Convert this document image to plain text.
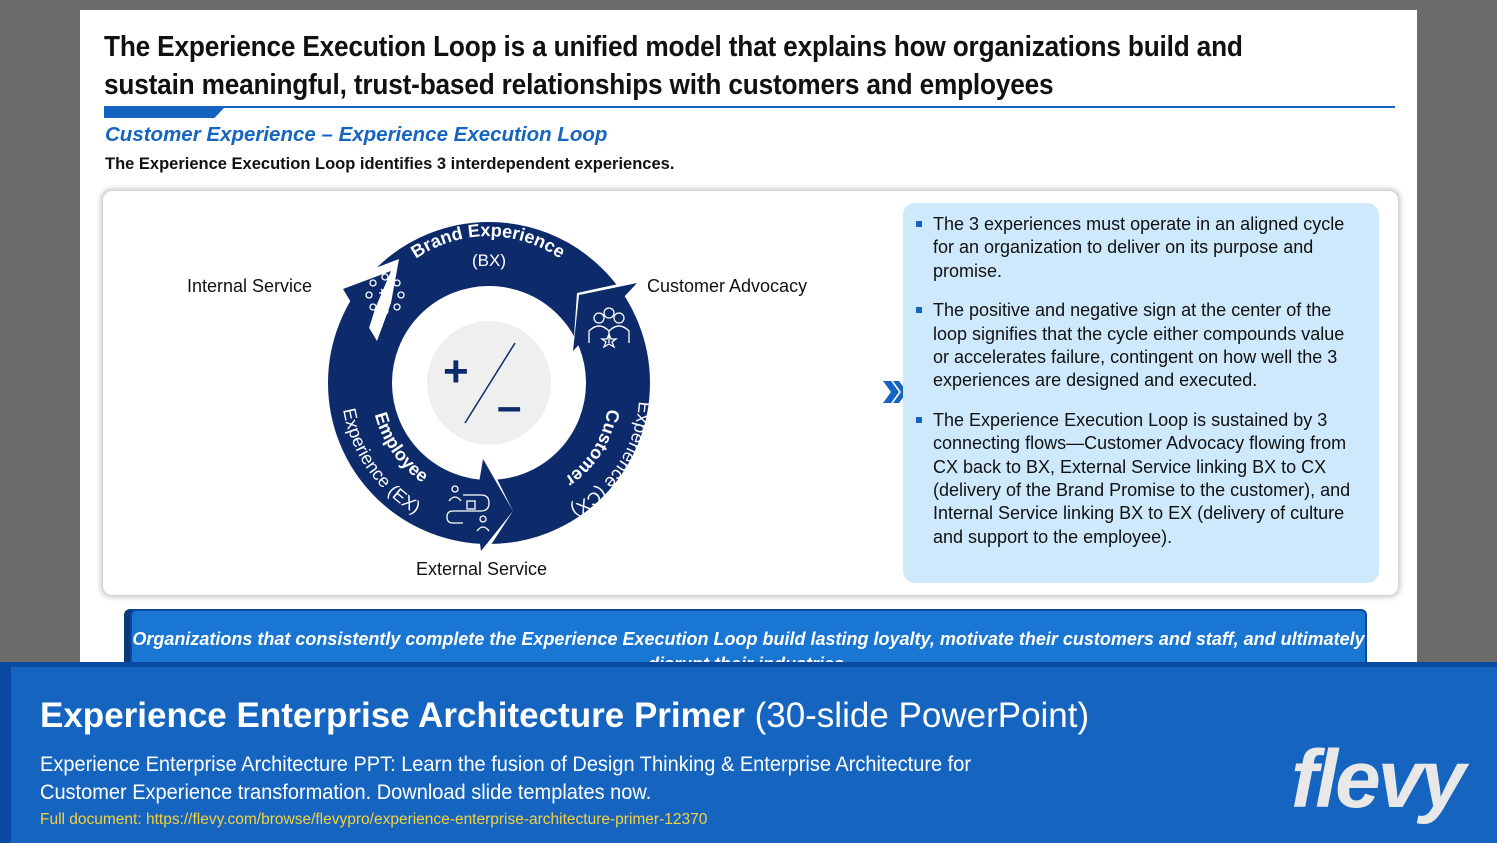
The Experience Execution Loop is a unified model that explains how organizations build and
sustain meaningful, trust-based relationships with customers and employees
Customer Experience – Experience Execution Loop
The Experience Execution Loop identifies 3 interdependent experiences.
+
–
Brand Experience
(BX)
Customer
Experience (CX)
Employee
Experience (EX)
Internal Service	Customer Advocacy
External Service
The 3 experiences must operate in an aligned cycle for an organization to deliver on its purpose and promise.
The positive and negative sign at the center of the loop signifies that the cycle either compounds value or accelerates failure, contingent on how well the 3 experiences are designed and executed.
The Experience Execution Loop is sustained by 3 connecting flows—Customer Advocacy flowing from CX back to BX, External Service linking BX to CX (delivery of the Brand Promise to the customer), and Internal Service linking BX to EX (delivery of culture and support to the employee).
Organizations that consistently complete the Experience Execution Loop build lasting loyalty, motivate their customers and staff, and ultimately
Experience Enterprise Architecture Primer (30-slide PowerPoint)
Experience Enterprise Architecture PPT: Learn the fusion of Design Thinking & Enterprise Architecture for Customer Experience transformation. Download slide templates now.
Full document: https://flevy.com/browse/flevypro/experience-enterprise-architecture-primer-12370	flevy
